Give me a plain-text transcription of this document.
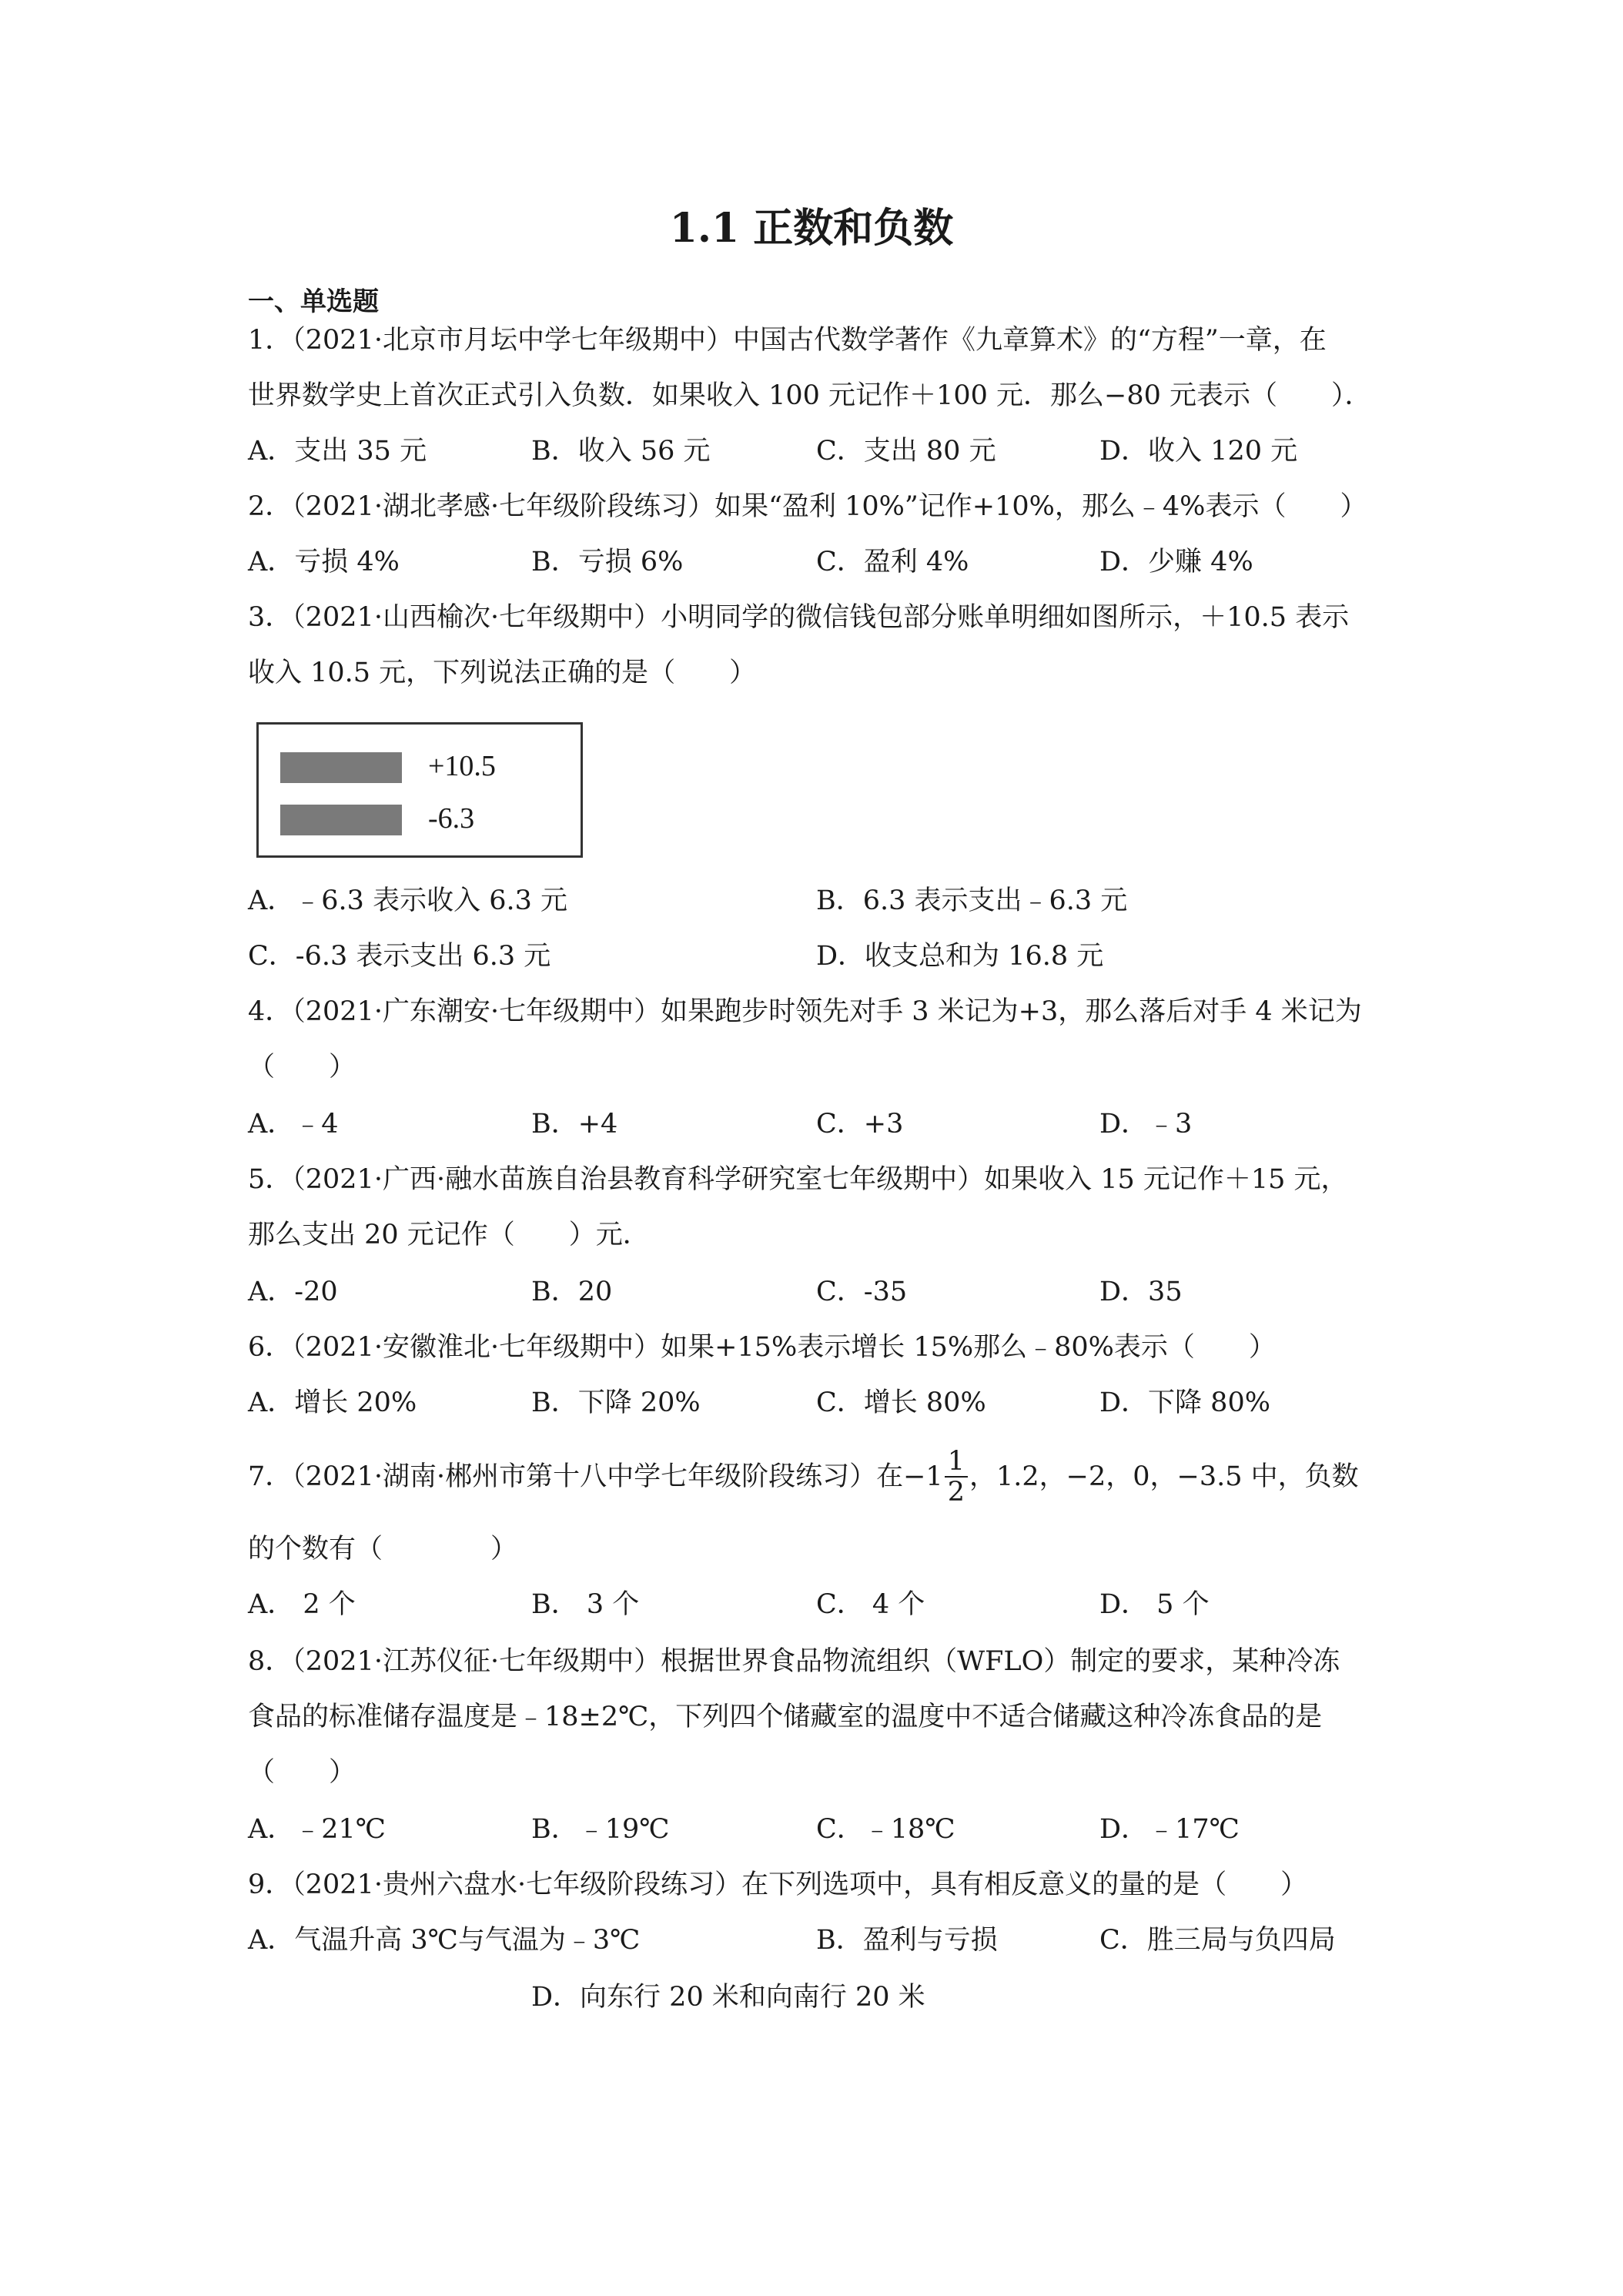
1.1 正数和负数
一、单选题
1．（2021·北京市月坛中学七年级期中）中国古代数学著作《九章算术》的“方程”一章，在
世界数学史上首次正式引入负数．如果收入 100 元记作＋100 元．那么−80 元表示（　　）．
A．支出 35 元	B．收入 56 元	C．支出 80 元	D．收入 120 元
2．（2021·湖北孝感·七年级阶段练习）如果“盈利 10%”记作+10%，那么﹣4%表示（　　）
A．亏损 4%	B．亏损 6%	C．盈利 4%	D．少赚 4%
3．（2021·山西榆次·七年级期中）小明同学的微信钱包部分账单明细如图所示，＋10.5 表示
收入 10.5 元，下列说法正确的是（　　）
+10.5
-6.3
A．﹣6.3 表示收入 6.3 元	B．6.3 表示支出﹣6.3 元
C．-6.3 表示支出 6.3 元	D．收支总和为 16.8 元
4．（2021·广东潮安·七年级期中）如果跑步时领先对手 3 米记为+3，那么落后对手 4 米记为
（　　）
A．﹣4	B．+4	C．+3	D．﹣3
5．（2021·广西·融水苗族自治县教育科学研究室七年级期中）如果收入 15 元记作＋15 元，
那么支出 20 元记作（　　）元．
A．-20	B．20	C．-35	D．35
6．（2021·安徽淮北·七年级期中）如果+15%表示增长 15%那么﹣80%表示（　　）
A．增长 20%	B．下降 20%	C．增长 80%	D．下降 80%
7．（2021·湖南·郴州市第十八中学七年级阶段练习）在$-1 \frac{1}{2}$ ，1.2，−2，0，−3.5 中，负数
的个数有（　　　　）
A． 2 个	B． 3 个	C． 4 个	D． 5 个
8．（2021·江苏仪征·七年级期中）根据世界食品物流组织（WFLO）制定的要求，某种冷冻
食品的标准储存温度是﹣18±2℃，下列四个储藏室的温度中不适合储藏这种冷冻食品的是
（　　）
A．﹣21℃	B．﹣19℃	C．﹣18℃	D．﹣17℃
9．（2021·贵州六盘水·七年级阶段练习）在下列选项中，具有相反意义的量的是（　　）
A．气温升高 3℃与气温为﹣3℃	B．盈利与亏损	C．胜三局与负四局
D．向东行 20 米和向南行 20 米
